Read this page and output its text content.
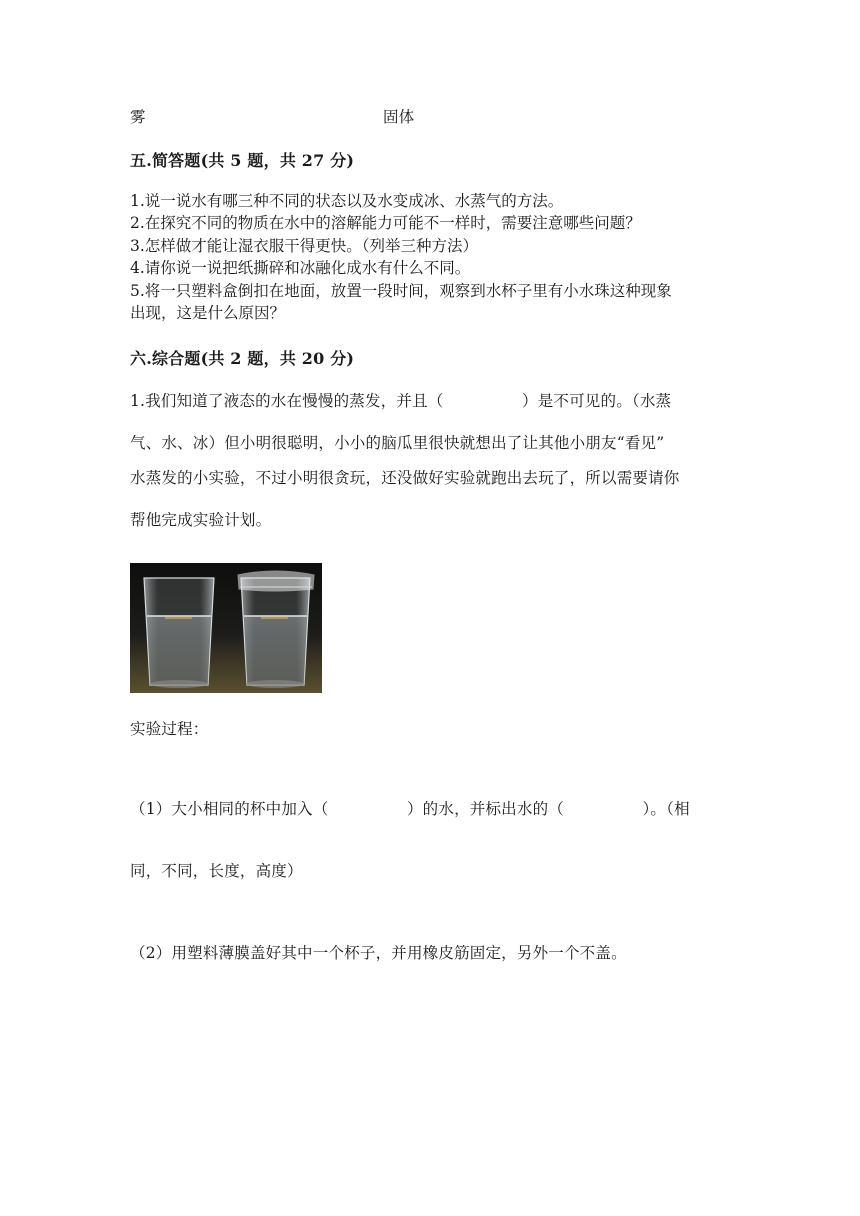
雾	固体
五.简答题(共 5 题，共 27 分)
1.说一说水有哪三种不同的状态以及水变成冰、水蒸气的方法。
2.在探究不同的物质在水中的溶解能力可能不一样时，需要注意哪些问题？
3.怎样做才能让湿衣服干得更快。（列举三种方法）
4.请你说一说把纸撕碎和冰融化成水有什么不同。
5.将一只塑料盒倒扣在地面，放置一段时间，观察到水杯子里有小水珠这种现象
出现，这是什么原因？
六.综合题(共 2 题，共 20 分)
1.我们知道了液态的水在慢慢的蒸发，并且（　　　　　）是不可见的。（水蒸
气、水、冰）但小明很聪明，小小的脑瓜里很快就想出了让其他小朋友“看见”
水蒸发的小实验，不过小明很贪玩，还没做好实验就跑出去玩了，所以需要请你
帮他完成实验计划。
实验过程：
（1）大小相同的杯中加入（　　　　　）的水，并标出水的（　　　　　）。（相
同，不同，长度，高度）
（2）用塑料薄膜盖好其中一个杯子，并用橡皮筋固定，另外一个不盖。
